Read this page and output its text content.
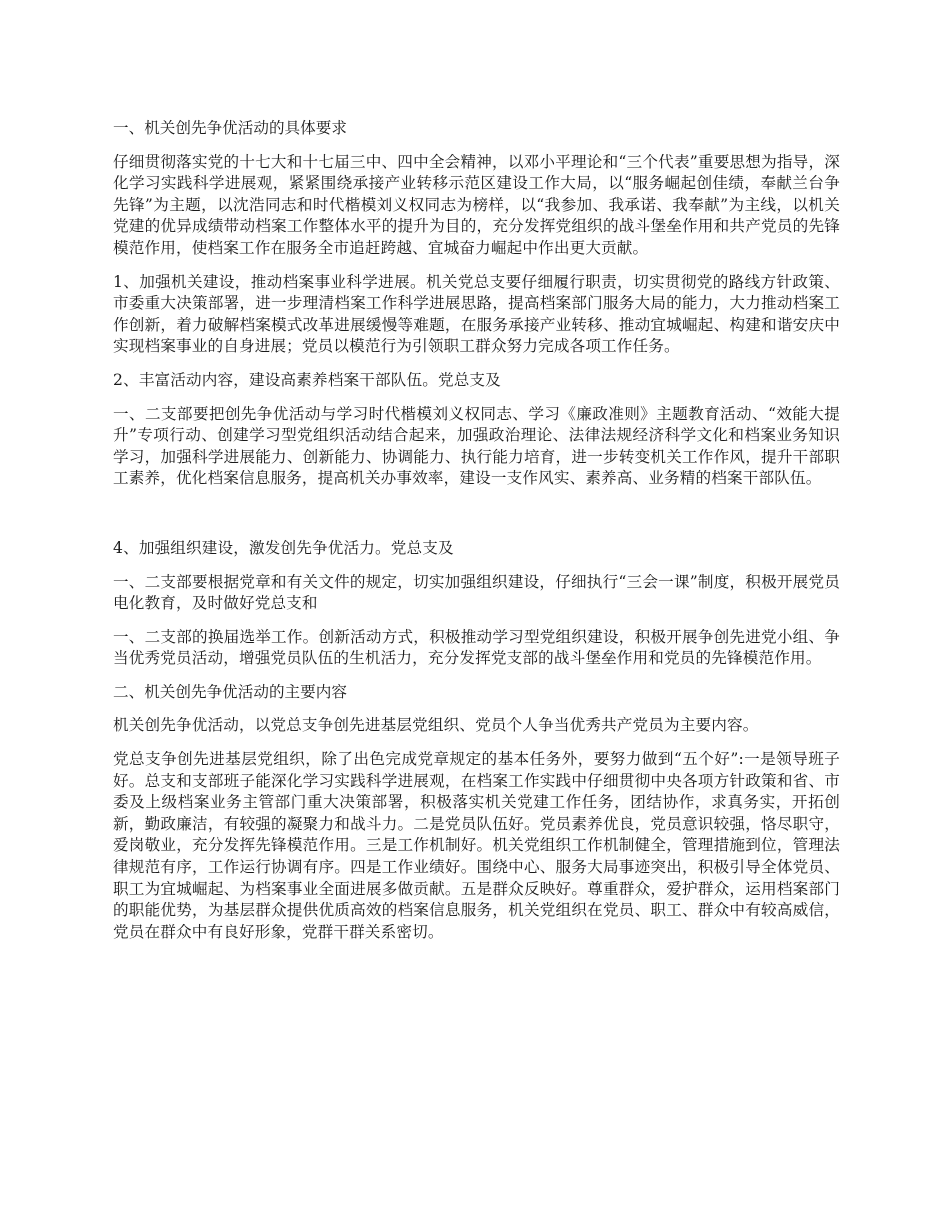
一、机关创先争优活动的具体要求

仔细贯彻落实党的十七大和十七届三中、四中全会精神，以邓小平理论和“三个代表”重要思想为指导，深化学习实践科学进展观，紧紧围绕承接产业转移示范区建设工作大局，以“服务崛起创佳绩，奉献兰台争先锋”为主题，以沈浩同志和时代楷模刘义权同志为榜样，以“我参加、我承诺、我奉献”为主线，以机关党建的优异成绩带动档案工作整体水平的提升为目的，充分发挥党组织的战斗堡垒作用和共产党员的先锋模范作用，使档案工作在服务全市追赶跨越、宜城奋力崛起中作出更大贡献。

1、加强机关建设，推动档案事业科学进展。机关党总支要仔细履行职责，切实贯彻党的路线方针政策、市委重大决策部署，进一步理清档案工作科学进展思路，提高档案部门服务大局的能力，大力推动档案工作创新，着力破解档案模式改革进展缓慢等难题，在服务承接产业转移、推动宜城崛起、构建和谐安庆中实现档案事业的自身进展；党员以模范行为引领职工群众努力完成各项工作任务。

2、丰富活动内容，建设高素养档案干部队伍。党总支及

一、二支部要把创先争优活动与学习时代楷模刘义权同志、学习《廉政准则》主题教育活动、“效能大提升”专项行动、创建学习型党组织活动结合起来，加强政治理论、法律法规经济科学文化和档案业务知识学习，加强科学进展能力、创新能力、协调能力、执行能力培育，进一步转变机关工作作风，提升干部职工素养，优化档案信息服务，提高机关办事效率，建设一支作风实、素养高、业务精的档案干部队伍。

4、加强组织建设，激发创先争优活力。党总支及

一、二支部要根据党章和有关文件的规定，切实加强组织建设，仔细执行“三会一课”制度，积极开展党员电化教育，及时做好党总支和

一、二支部的换届选举工作。创新活动方式，积极推动学习型党组织建设，积极开展争创先进党小组、争当优秀党员活动，增强党员队伍的生机活力，充分发挥党支部的战斗堡垒作用和党员的先锋模范作用。

二、机关创先争优活动的主要内容

机关创先争优活动，以党总支争创先进基层党组织、党员个人争当优秀共产党员为主要内容。

党总支争创先进基层党组织，除了出色完成党章规定的基本任务外，要努力做到“五个好”:一是领导班子好。总支和支部班子能深化学习实践科学进展观，在档案工作实践中仔细贯彻中央各项方针政策和省、市委及上级档案业务主管部门重大决策部署，积极落实机关党建工作任务，团结协作，求真务实，开拓创新，勤政廉洁，有较强的凝聚力和战斗力。二是党员队伍好。党员素养优良，党员意识较强，恪尽职守，爱岗敬业，充分发挥先锋模范作用。三是工作机制好。机关党组织工作机制健全，管理措施到位，管理法律规范有序，工作运行协调有序。四是工作业绩好。围绕中心、服务大局事迹突出，积极引导全体党员、职工为宜城崛起、为档案事业全面进展多做贡献。五是群众反映好。尊重群众，爱护群众，运用档案部门的职能优势，为基层群众提供优质高效的档案信息服务，机关党组织在党员、职工、群众中有较高威信，党员在群众中有良好形象，党群干群关系密切。
